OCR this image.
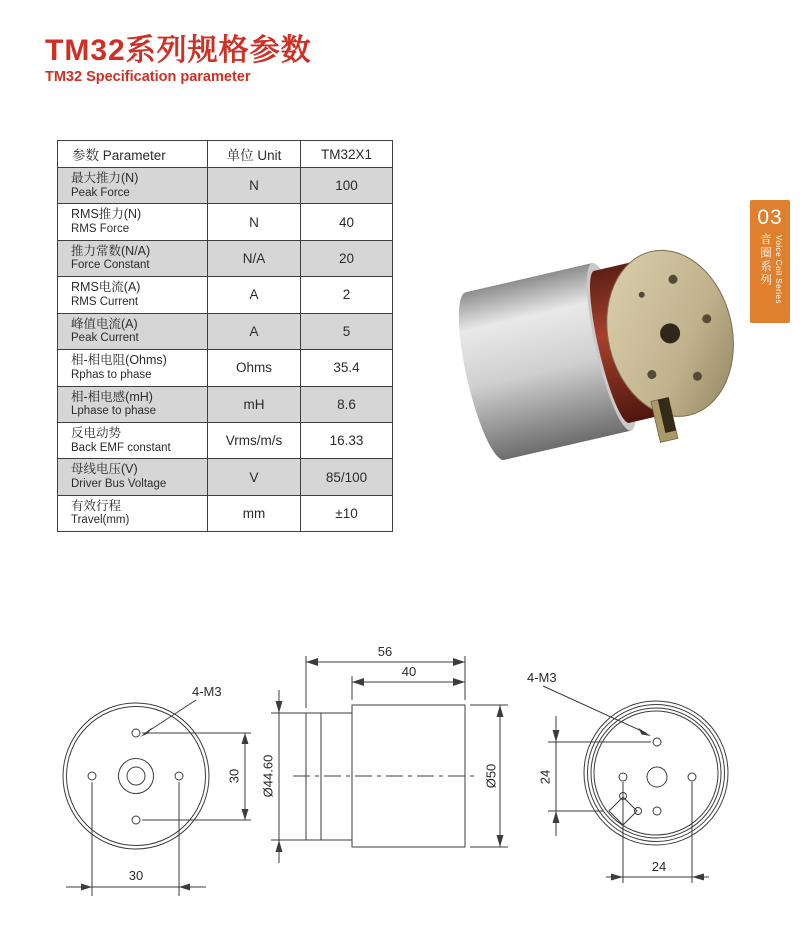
TM32系列规格参数
TM32 Specification parameter
参数 Parameter	单位 Unit	TM32X1

最大推力(N)
Peak Force	N	100

RMS推力(N)
RMS Force	N	40

推力常数(N/A)
Force Constant	N/A	20

RMS电流(A)
RMS Current	A	2

峰值电流(A)
Peak Current	A	5

相-相电阻(Ohms)
Rphas to phase	Ohms	35.4

相-相电感(mH)
Lphase to phase	mH	8.6

反电动势
Back EMF constant	Vrms/m/s	16.33

母线电压(V)
Driver Bus Voltage	V	85/100

有效行程
Travel(mm)	mm	±10
03
音圈系列 Voice Coil Series
4-M3
30
30
56
40
Ø50
Ø44.60
4-M3
24
24
